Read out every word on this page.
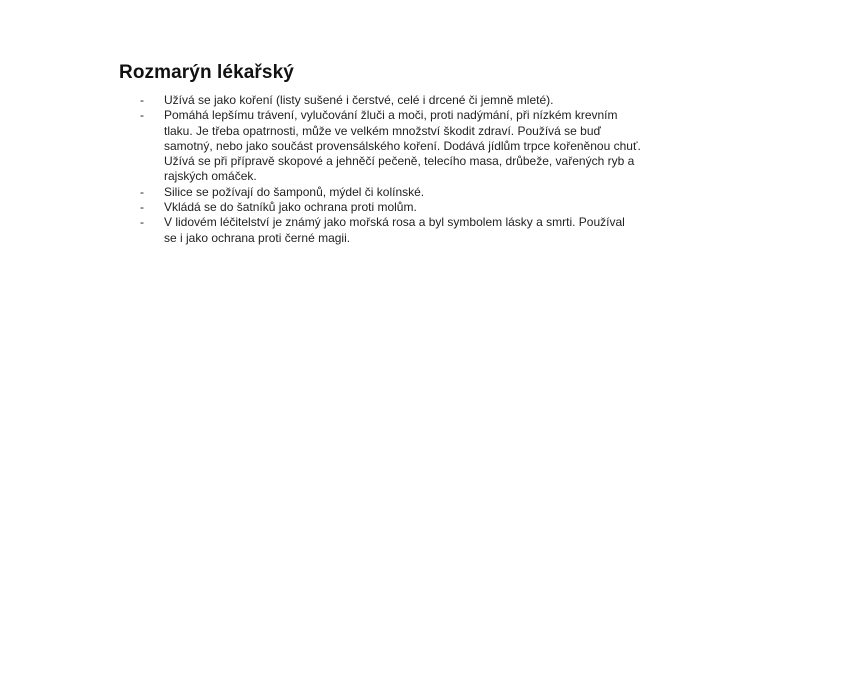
Rozmarýn lékařský
-	Užívá se jako koření (listy sušené i čerstvé, celé i drcené či jemně mleté).
-	Pomáhá lepšímu trávení, vylučování žluči a moči, proti nadýmání, při nízkém krevním
tlaku. Je třeba opatrnosti, může ve velkém množství škodit zdraví. Používá se buď
samotný, nebo jako součást provensálského koření. Dodává jídlům trpce kořeněnou chuť.
Užívá se při přípravě skopové a jehněčí pečeně, telecího masa, drůbeže, vařených ryb a
rajských omáček.
-	Silice se požívají do šamponů, mýdel či kolínské.
-	Vkládá se do šatníků jako ochrana proti molům.
-	V lidovém léčitelství je známý jako mořská rosa a byl symbolem lásky a smrti. Používal
se i jako ochrana proti černé magii.
